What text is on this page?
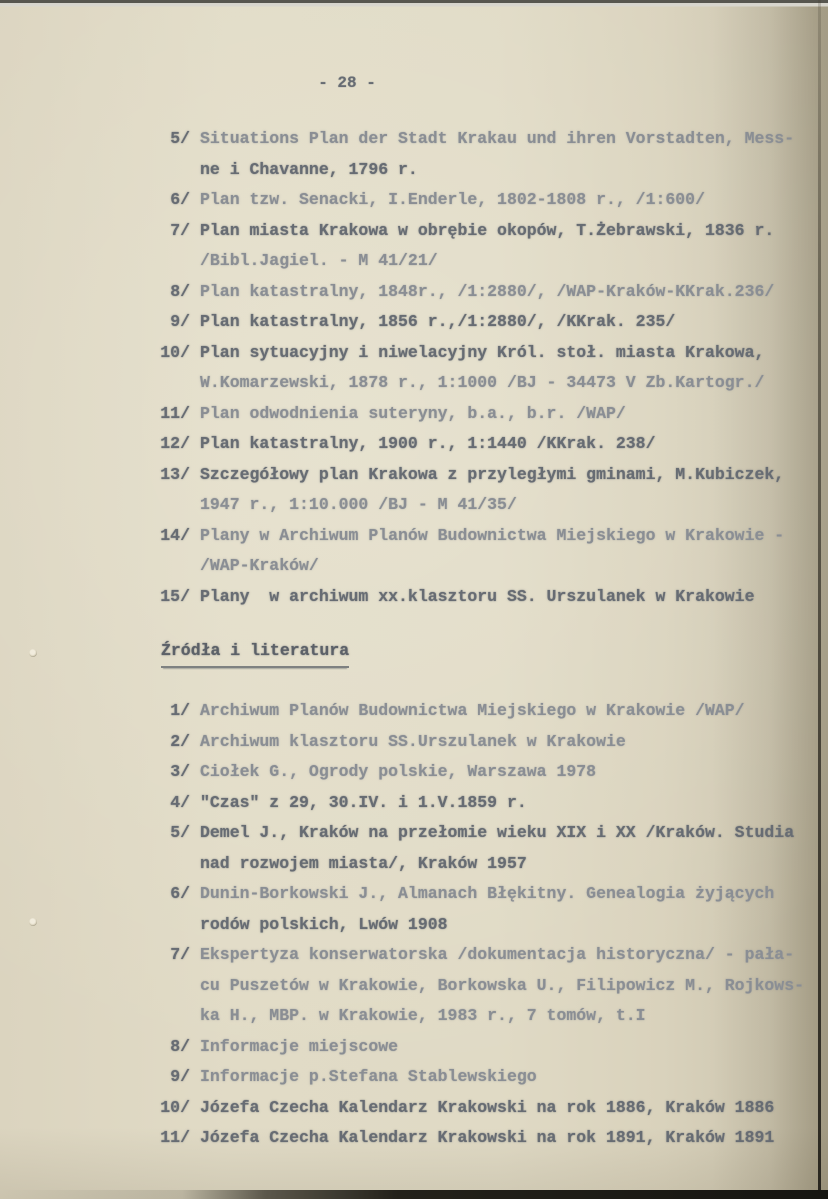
- 28 -
5/ Situations Plan der Stadt Krakau und ihren Vorstadten, Mess-
ne i Chavanne, 1796 r.
6/ Plan tzw. Senacki, I.Enderle, 1802-1808 r., /1:600/
7/ Plan miasta Krakowa w obrębie okopów, T.Żebrawski, 1836 r.
/Bibl.Jagiel. - M 41/21/
8/ Plan katastralny, 1848r., /1:2880/, /WAP-Kraków-KKrak.236/
9/ Plan katastralny, 1856 r.,/1:2880/, /KKrak. 235/
10/ Plan sytuacyjny i niwelacyjny Król. stoł. miasta Krakowa,
W.Komarzewski, 1878 r., 1:1000 /BJ - 34473 V Zb.Kartogr./
11/ Plan odwodnienia suteryny, b.a., b.r. /WAP/
12/ Plan katastralny, 1900 r., 1:1440 /KKrak. 238/
13/ Szczegółowy plan Krakowa z przyległymi gminami, M.Kubiczek,
1947 r., 1:10.000 /BJ - M 41/35/
14/ Plany w Archiwum Planów Budownictwa Miejskiego w Krakowie -
/WAP-Kraków/
15/ Plany  w archiwum xx.klasztoru SS. Urszulanek w Krakowie
Źródła i literatura
1/ Archiwum Planów Budownictwa Miejskiego w Krakowie /WAP/
2/ Archiwum klasztoru SS.Urszulanek w Krakowie
3/ Ciołek G., Ogrody polskie, Warszawa 1978
4/ "Czas" z 29, 30.IV. i 1.V.1859 r.
5/ Demel J., Kraków na przełomie wieku XIX i XX /Kraków. Studia
nad rozwojem miasta/, Kraków 1957
6/ Dunin-Borkowski J., Almanach Błękitny. Genealogia żyjących
rodów polskich, Lwów 1908
7/ Ekspertyza konserwatorska /dokumentacja historyczna/ - pała-
cu Puszetów w Krakowie, Borkowska U., Filipowicz M., Rojkows-
ka H., MBP. w Krakowie, 1983 r., 7 tomów, t.I
8/ Informacje miejscowe
9/ Informacje p.Stefana Stablewskiego
10/ Józefa Czecha Kalendarz Krakowski na rok 1886, Kraków 1886
11/ Józefa Czecha Kalendarz Krakowski na rok 1891, Kraków 1891
